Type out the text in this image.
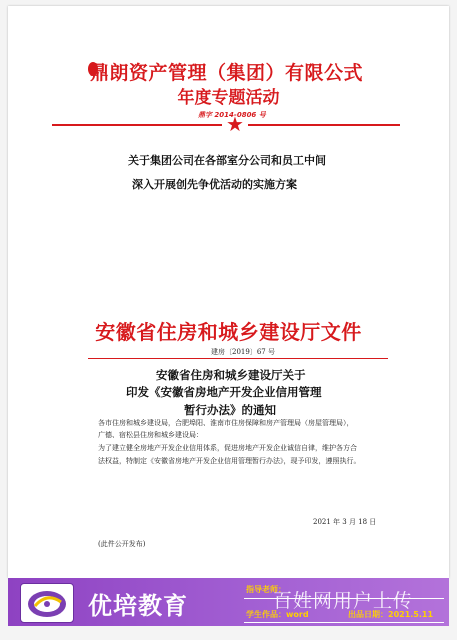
鼎朗资产管理（集团）有限公式
年度专题活动
鼎字 2014-0806 号
★
关于集团公司在各部室分公司和员工中间
深入开展创先争优活动的实施方案
安徽省住房和城乡建设厅文件
建房〔2019〕67 号
安徽省住房和城乡建设厅关于
印发《安徽省房地产开发企业信用管理
暂行办法》的通知
各市住房和城乡建设局，合肥埠阳、淮南市住房保障和房产管理局（房屋管理局），
广德、宿松县住房和城乡建设局：
为了建立健全房地产开发企业信用体系，促进房地产开发企业诚信自律，维护各方合
法权益，特制定《安徽省房地产开发企业信用管理暂行办法》，现予印发，遵照执行。
2021 年 3 月 18 日
(此件公开发布)
优培教育
指导老师：
学生作品：word	出品日期：2021.5.11
百姓网用户上传
